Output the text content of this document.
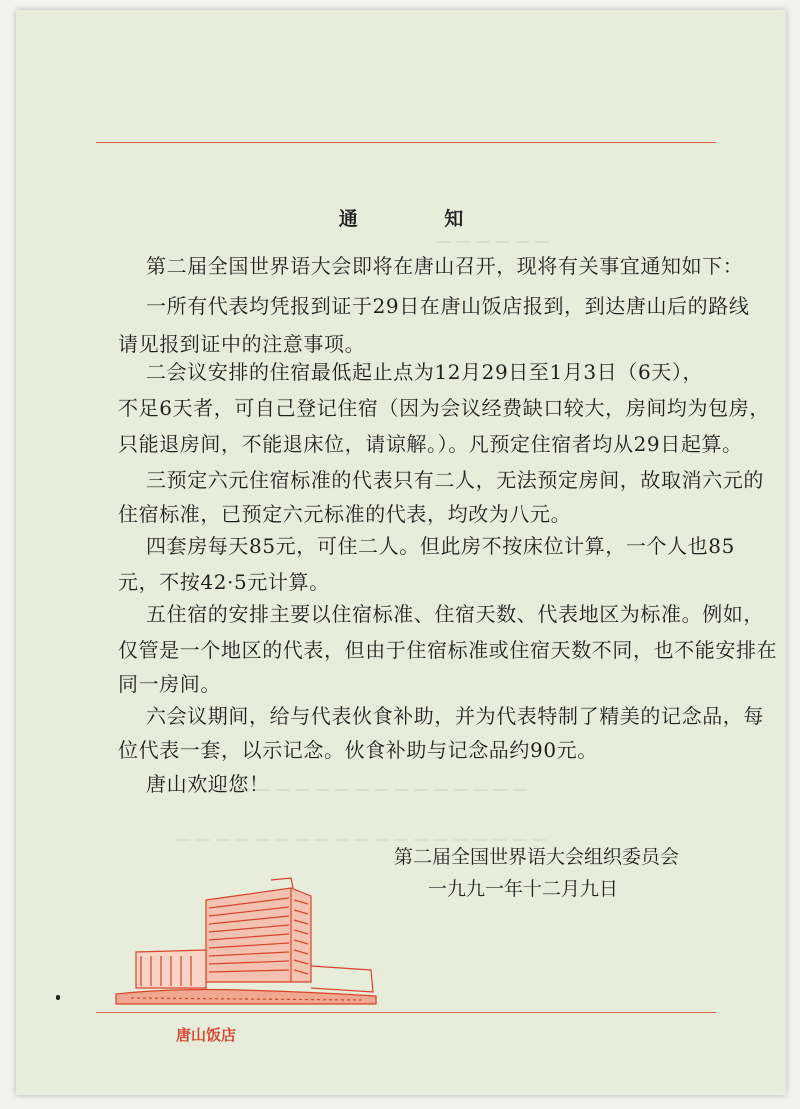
— — — — — —
— — — — — — — — — — — — — — — —
— — — — — — — — — — — — — — — — — — —
通 知
第二届全国世界语大会即将在唐山召开，现将有关事宜通知如下：
一所有代表均凭报到证于29日在唐山饭店报到，到达唐山后的路线
请见报到证中的注意事项。
二会议安排的住宿最低起止点为12月29日至1月3日（6天），
不足6天者，可自己登记住宿（因为会议经费缺口较大，房间均为包房，
只能退房间，不能退床位，请谅解。）。凡预定住宿者均从29日起算。
三预定六元住宿标准的代表只有二人，无法预定房间，故取消六元的
住宿标准，已预定六元标准的代表，均改为八元。
四套房每天85元，可住二人。但此房不按床位计算，一个人也85
元，不按42·5元计算。
五住宿的安排主要以住宿标准、住宿天数、代表地区为标准。例如，
仅管是一个地区的代表，但由于住宿标准或住宿天数不同，也不能安排在
同一房间。
六会议期间，给与代表伙食补助，并为代表特制了精美的记念品，每
位代表一套，以示记念。伙食补助与记念品约90元。
唐山欢迎您！
第二届全国世界语大会组织委员会
一九九一年十二月九日
唐山饭店
